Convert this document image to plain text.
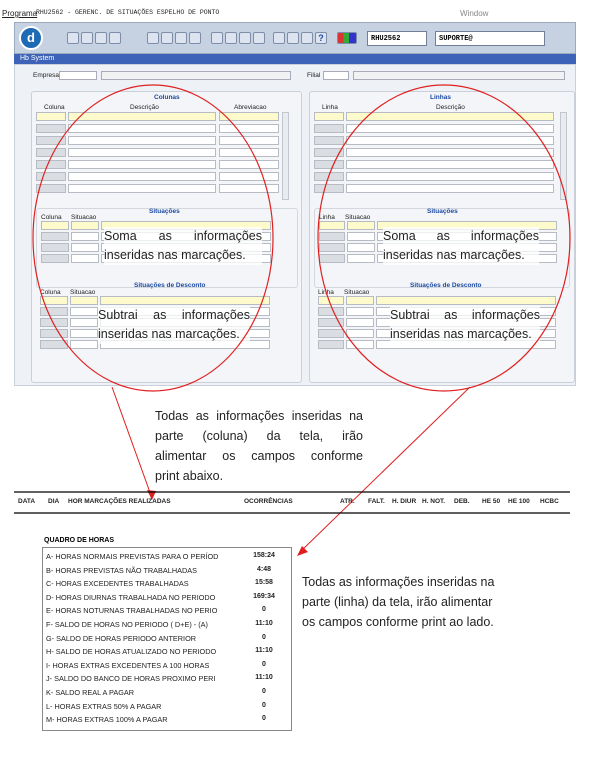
Programa
RHU2562 - GERENC. DE SITUAÇÕES ESPELHO DE PONTO	Window
d	?	RHU2562	SUPORTE@
Hb System
Empresa	Filial
Colunas
Coluna	Descrição	Abreviacao
Situações
Coluna Situacao
Situações de Desconto
Coluna Situacao
Linhas
Linha	Descrição
Situações
Linha Situacao
Situações de Desconto
Linha Situacao
Soma as informações
inseridas nas marcações.
Soma as informações
inseridas nas marcações.
Subtrai as informações
inseridas nas marcações.
Subtrai as informações
inseridas nas marcações.
Todas as informações inseridas na
parte (coluna) da tela, irão
alimentar os campos conforme
print abaixo.
Todas as informações inseridas na
parte (linha) da tela, irão alimentar
os campos conforme print ao lado.
DATA DIA HOR MARCAÇÕES REALIZADAS	OCORRÊNCIAS	ATR. FALT. H. DIUR H. NOT. DEB. HE 50 HE 100 HCBC
QUADRO DE HORAS
A- HORAS NORMAIS PREVISTAS PARA O PERÍOD	158:24
B- HORAS PREVISTAS NÃO TRABALHADAS	4:48
C- HORAS EXCEDENTES TRABALHADAS	15:58
D- HORAS DIURNAS TRABALHADA NO PERIODO	169:34
E- HORAS NOTURNAS TRABALHADAS NO PERIO	0
F- SALDO DE HORAS NO PERIODO ( D+E) - (A)	11:10
G- SALDO DE HORAS PERIODO ANTERIOR	0
H- SALDO DE HORAS ATUALIZADO NO PERIODO	11:10
I- HORAS EXTRAS EXCEDENTES A 100 HORAS	0
J- SALDO DO BANCO DE HORAS PROXIMO PERI	11:10
K- SALDO REAL A PAGAR	0
L- HORAS EXTRAS 50% A PAGAR	0
M- HORAS EXTRAS 100% A PAGAR	0
